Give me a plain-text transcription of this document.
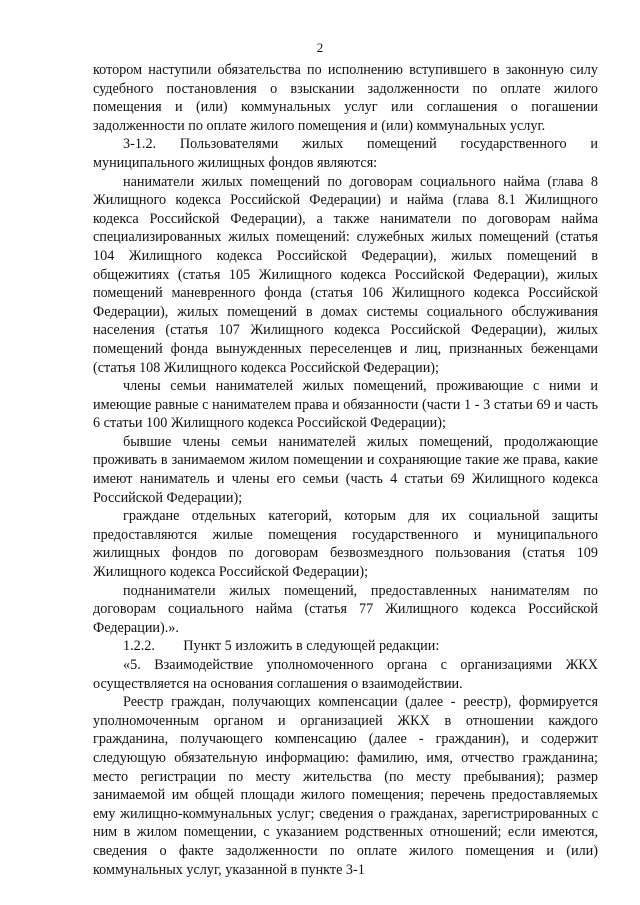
2

котором наступили обязательства по исполнению вступившего в законную силу судебного постановления о взыскании задолженности по оплате жилого помещения и (или) коммунальных услуг или соглашения о погашении задолженности по оплате жилого помещения и (или) коммунальных услуг.

3-1.2. Пользователями жилых помещений государственного и муниципального жилищных фондов являются:

наниматели жилых помещений по договорам социального найма (глава 8 Жилищного кодекса Российской Федерации) и найма (глава 8.1 Жилищного кодекса Российской Федерации), а также наниматели по договорам найма специализированных жилых помещений: служебных жилых помещений (статья 104 Жилищного кодекса Российской Федерации), жилых помещений в общежитиях (статья 105 Жилищного кодекса Российской Федерации), жилых помещений маневренного фонда (статья 106 Жилищного кодекса Российской Федерации), жилых помещений в домах системы социального обслуживания населения (статья 107 Жилищного кодекса Российской Федерации), жилых помещений фонда вынужденных переселенцев и лиц, признанных беженцами (статья 108 Жилищного кодекса Российской Федерации);

члены семьи нанимателей жилых помещений, проживающие с ними и имеющие равные с нанимателем права и обязанности (части 1 - 3 статьи 69 и часть 6 статьи 100 Жилищного кодекса Российской Федерации);

бывшие члены семьи нанимателей жилых помещений, продолжающие проживать в занимаемом жилом помещении и сохраняющие такие же права, какие имеют наниматель и члены его семьи (часть 4 статьи 69 Жилищного кодекса Российской Федерации);

граждане отдельных категорий, которым для их социальной защиты предоставляются жилые помещения государственного и муниципального жилищных фондов по договорам безвозмездного пользования (статья 109 Жилищного кодекса Российской Федерации);

поднаниматели жилых помещений, предоставленных нанимателям по договорам социального найма (статья 77 Жилищного кодекса Российской Федерации).».

1.2.2.        Пункт 5 изложить в следующей редакции:

«5. Взаимодействие уполномоченного органа с организациями ЖКХ осуществляется на основания соглашения о взаимодействии.

Реестр граждан, получающих компенсации (далее - реестр), формируется уполномоченным органом и организацией ЖКХ в отношении каждого гражданина, получающего компенсацию (далее - гражданин), и содержит следующую обязательную информацию: фамилию, имя, отчество гражданина; место регистрации по месту жительства (по месту пребывания); размер занимаемой им общей площади жилого помещения; перечень предоставляемых ему жилищно-коммунальных услуг; сведения о гражданах, зарегистрированных с ним в жилом помещении, с указанием родственных отношений; если имеются, сведения о факте задолженности по оплате жилого помещения и (или) коммунальных услуг, указанной в пункте 3-1
